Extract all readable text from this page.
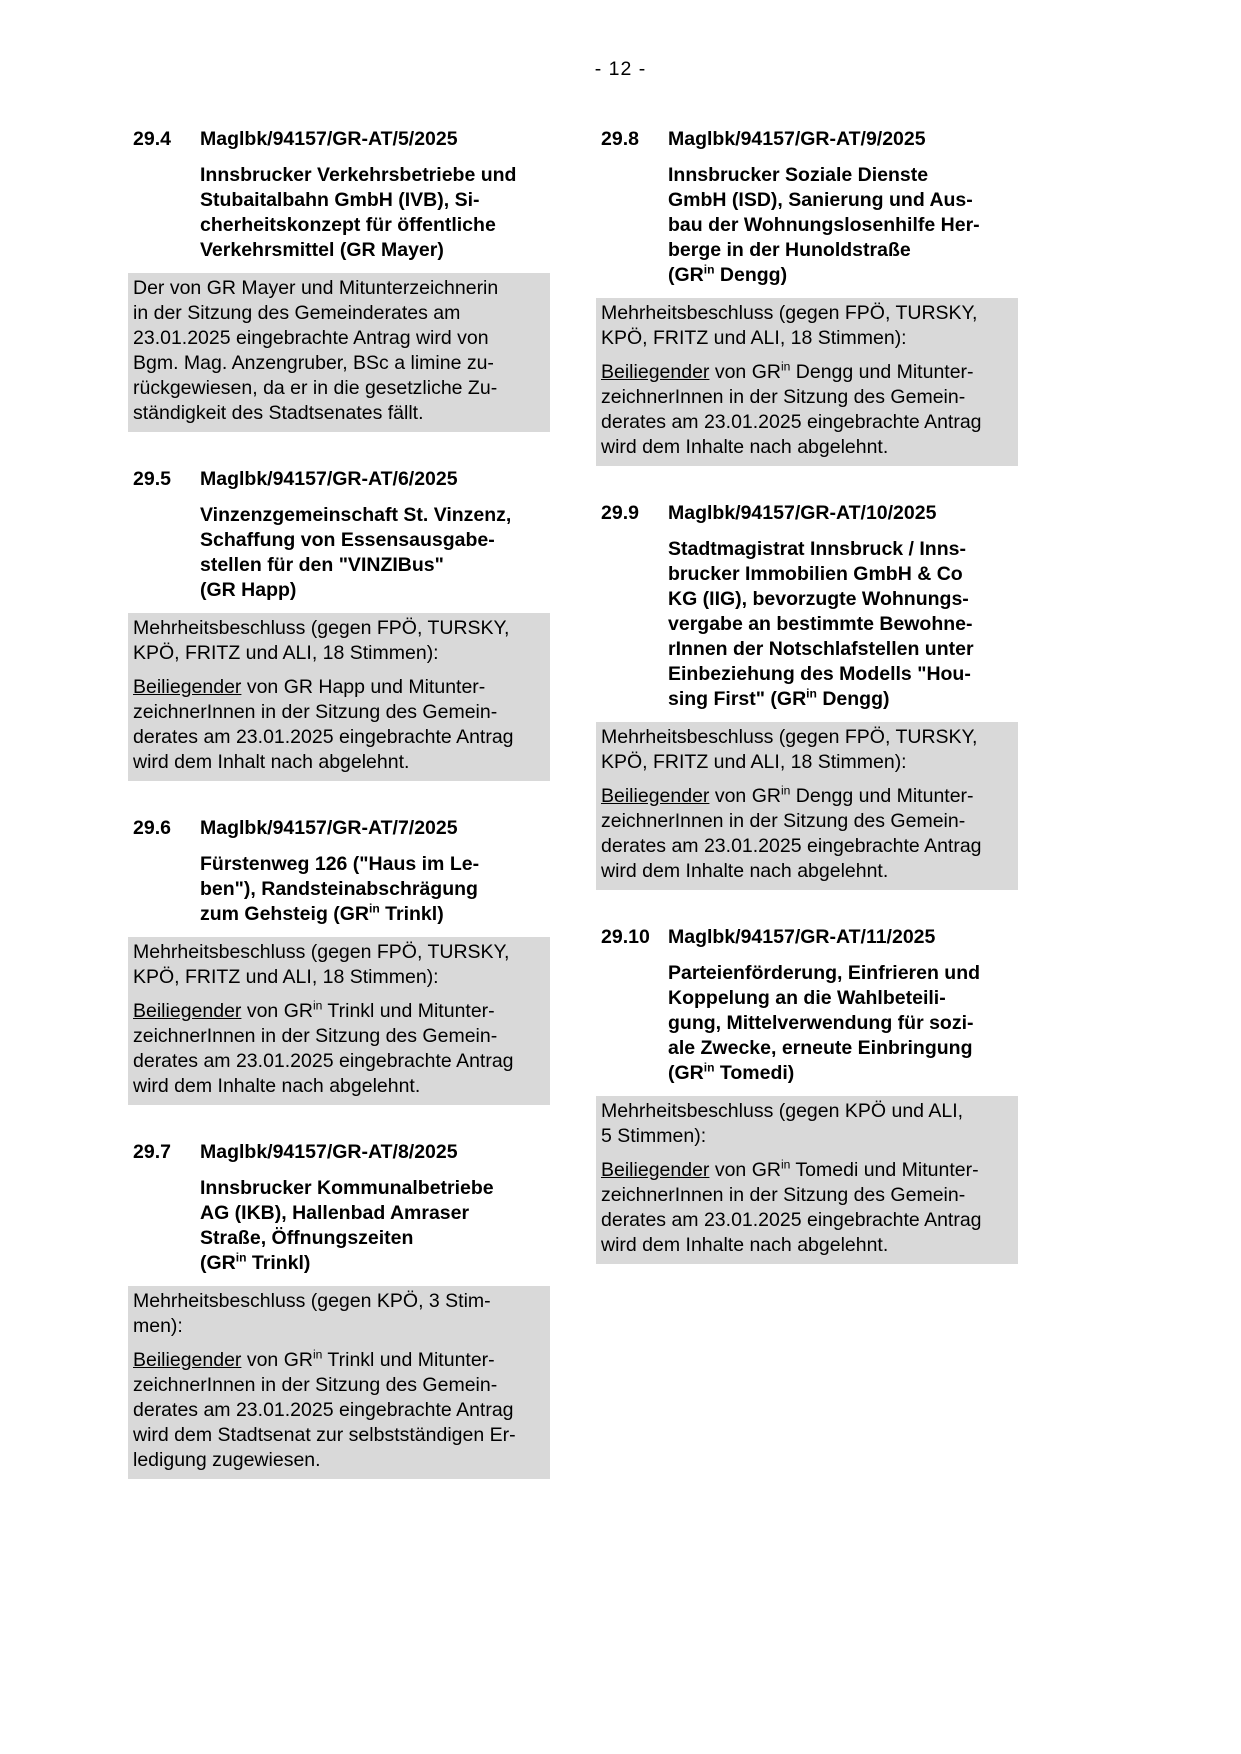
- 12 -
29.4	Maglbk/94157/GR-AT/5/2025
Innsbrucker Verkehrsbetriebe und
Stubaitalbahn GmbH (IVB), Si-
cherheitskonzept für öffentliche
Verkehrsmittel (GR Mayer)
Der von GR Mayer und Mitunterzeichnerin
in der Sitzung des Gemeinderates am
23.01.2025 eingebrachte Antrag wird von
Bgm. Mag. Anzengruber, BSc a limine zu-
rückgewiesen, da er in die gesetzliche Zu-
ständigkeit des Stadtsenates fällt.
29.5	Maglbk/94157/GR-AT/6/2025
Vinzenzgemeinschaft St. Vinzenz,
Schaffung von Essensausgabe-
stellen für den "VINZIBus"
(GR Happ)
Mehrheitsbeschluss (gegen FPÖ, TURSKY,
KPÖ, FRITZ und ALI, 18 Stimmen):
Beiliegender von GR Happ und Mitunter-
zeichnerInnen in der Sitzung des Gemein-
derates am 23.01.2025 eingebrachte Antrag
wird dem Inhalt nach abgelehnt.
29.6	Maglbk/94157/GR-AT/7/2025
Fürstenweg 126 ("Haus im Le-
ben"), Randsteinabschrägung
zum Gehsteig ($GR^{in}$ Trinkl)
Mehrheitsbeschluss (gegen FPÖ, TURSKY,
KPÖ, FRITZ und ALI, 18 Stimmen):
Beiliegender von $GR^{in}$ Trinkl und Mitunter-
zeichnerInnen in der Sitzung des Gemein-
derates am 23.01.2025 eingebrachte Antrag
wird dem Inhalte nach abgelehnt.
29.7	Maglbk/94157/GR-AT/8/2025
Innsbrucker Kommunalbetriebe
AG (IKB), Hallenbad Amraser
Straße, Öffnungszeiten
($GR^{in}$ Trinkl)
Mehrheitsbeschluss (gegen KPÖ, 3 Stim-
men):
Beiliegender von $GR^{in}$ Trinkl und Mitunter-
zeichnerInnen in der Sitzung des Gemein-
derates am 23.01.2025 eingebrachte Antrag
wird dem Stadtsenat zur selbstständigen Er-
ledigung zugewiesen.
29.8	Maglbk/94157/GR-AT/9/2025
Innsbrucker Soziale Dienste
GmbH (ISD), Sanierung und Aus-
bau der Wohnungslosenhilfe Her-
berge in der Hunoldstraße
($GR^{in}$ Dengg)
Mehrheitsbeschluss (gegen FPÖ, TURSKY,
KPÖ, FRITZ und ALI, 18 Stimmen):
Beiliegender von $GR^{in}$ Dengg und Mitunter-
zeichnerInnen in der Sitzung des Gemein-
derates am 23.01.2025 eingebrachte Antrag
wird dem Inhalte nach abgelehnt.
29.9	Maglbk/94157/GR-AT/10/2025
Stadtmagistrat Innsbruck / Inns-
brucker Immobilien GmbH & Co
KG (IIG), bevorzugte Wohnungs-
vergabe an bestimmte Bewohne-
rInnen der Notschlafstellen unter
Einbeziehung des Modells "Hou-
sing First" ($GR^{in}$ Dengg)
Mehrheitsbeschluss (gegen FPÖ, TURSKY,
KPÖ, FRITZ und ALI, 18 Stimmen):
Beiliegender von $GR^{in}$ Dengg und Mitunter-
zeichnerInnen in der Sitzung des Gemein-
derates am 23.01.2025 eingebrachte Antrag
wird dem Inhalte nach abgelehnt.
29.10 Maglbk/94157/GR-AT/11/2025
Parteienförderung, Einfrieren und
Koppelung an die Wahlbeteili-
gung, Mittelverwendung für sozi-
ale Zwecke, erneute Einbringung
($GR^{in}$ Tomedi)
Mehrheitsbeschluss (gegen KPÖ und ALI,
5 Stimmen):
Beiliegender von $GR^{in}$ Tomedi und Mitunter-
zeichnerInnen in der Sitzung des Gemein-
derates am 23.01.2025 eingebrachte Antrag
wird dem Inhalte nach abgelehnt.
